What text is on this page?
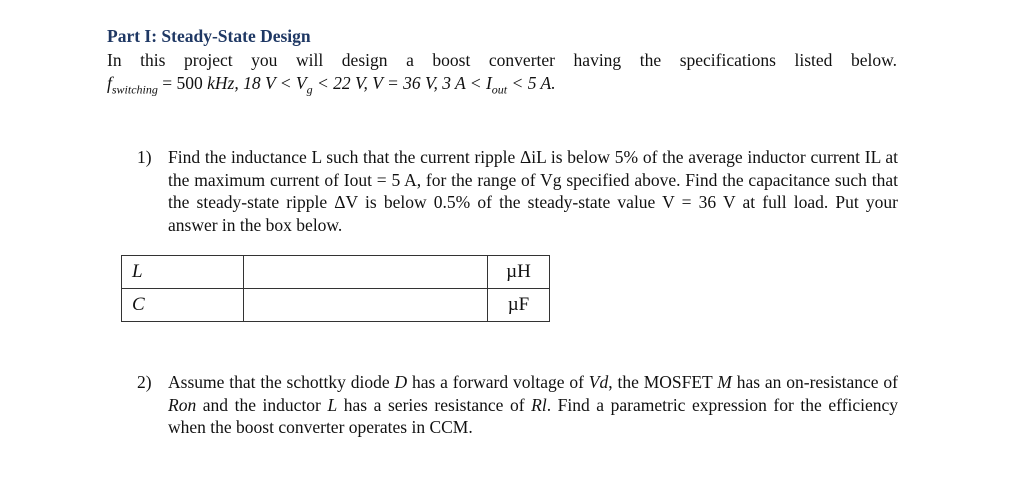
Part I: Steady-State Design
In this project you will design a boost converter having the specifications listed below.
$f_{switching} = 500$ kHz, 18 $V < V_g < 22$ V, V = 36 V, 3 $A < I_{out} < 5$ A.
1) Find the inductance L such that the current ripple ΔiL is below 5% of the average inductor current IL at the maximum current of Iout = 5 A, for the range of Vg specified above. Find the capacitance such that the steady-state ripple ΔV is below 0.5% of the steady-state value V = 36 V at full load. Put your answer in the box below.
L		µH
C		µF
2) Assume that the schottky diode D has a forward voltage of Vd, the MOSFET M has an on-resistance of Ron and the inductor L has a series resistance of Rl. Find a parametric expression for the efficiency when the boost converter operates in CCM.
